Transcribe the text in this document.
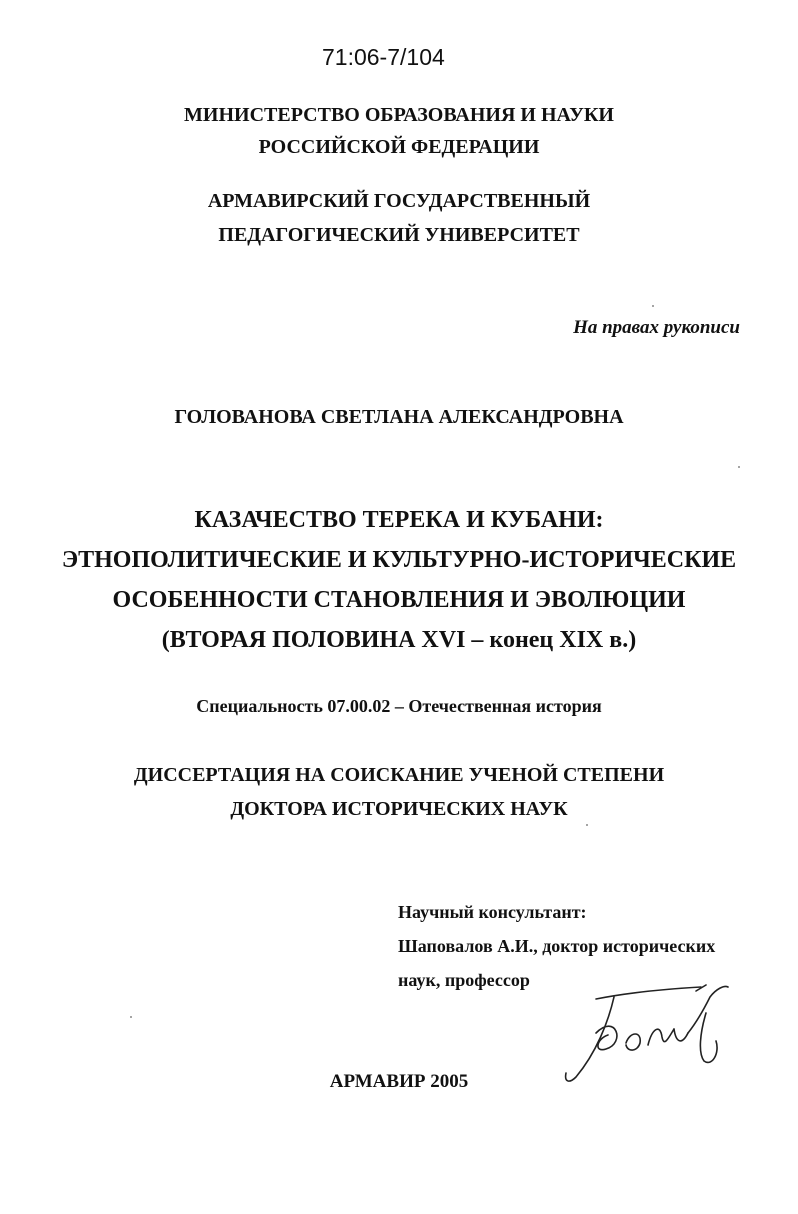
71:06-7/104
МИНИСТЕРСТВО ОБРАЗОВАНИЯ И НАУКИ
РОССИЙСКОЙ ФЕДЕРАЦИИ
АРМАВИРСКИЙ ГОСУДАРСТВЕННЫЙ
ПЕДАГОГИЧЕСКИЙ УНИВЕРСИТЕТ
На правах рукописи
ГОЛОВАНОВА СВЕТЛАНА АЛЕКСАНДРОВНА
КАЗАЧЕСТВО ТЕРЕКА И КУБАНИ:
ЭТНОПОЛИТИЧЕСКИЕ И КУЛЬТУРНО-ИСТОРИЧЕСКИЕ
ОСОБЕННОСТИ СТАНОВЛЕНИЯ И ЭВОЛЮЦИИ
(ВТОРАЯ ПОЛОВИНА XVI – конец XIX в.)
Специальность 07.00.02 – Отечественная история
ДИССЕРТАЦИЯ НА СОИСКАНИЕ УЧЕНОЙ СТЕПЕНИ
ДОКТОРА ИСТОРИЧЕСКИХ НАУК
Научный консультант:
Шаповалов А.И., доктор исторических
наук, профессор
АРМАВИР 2005
